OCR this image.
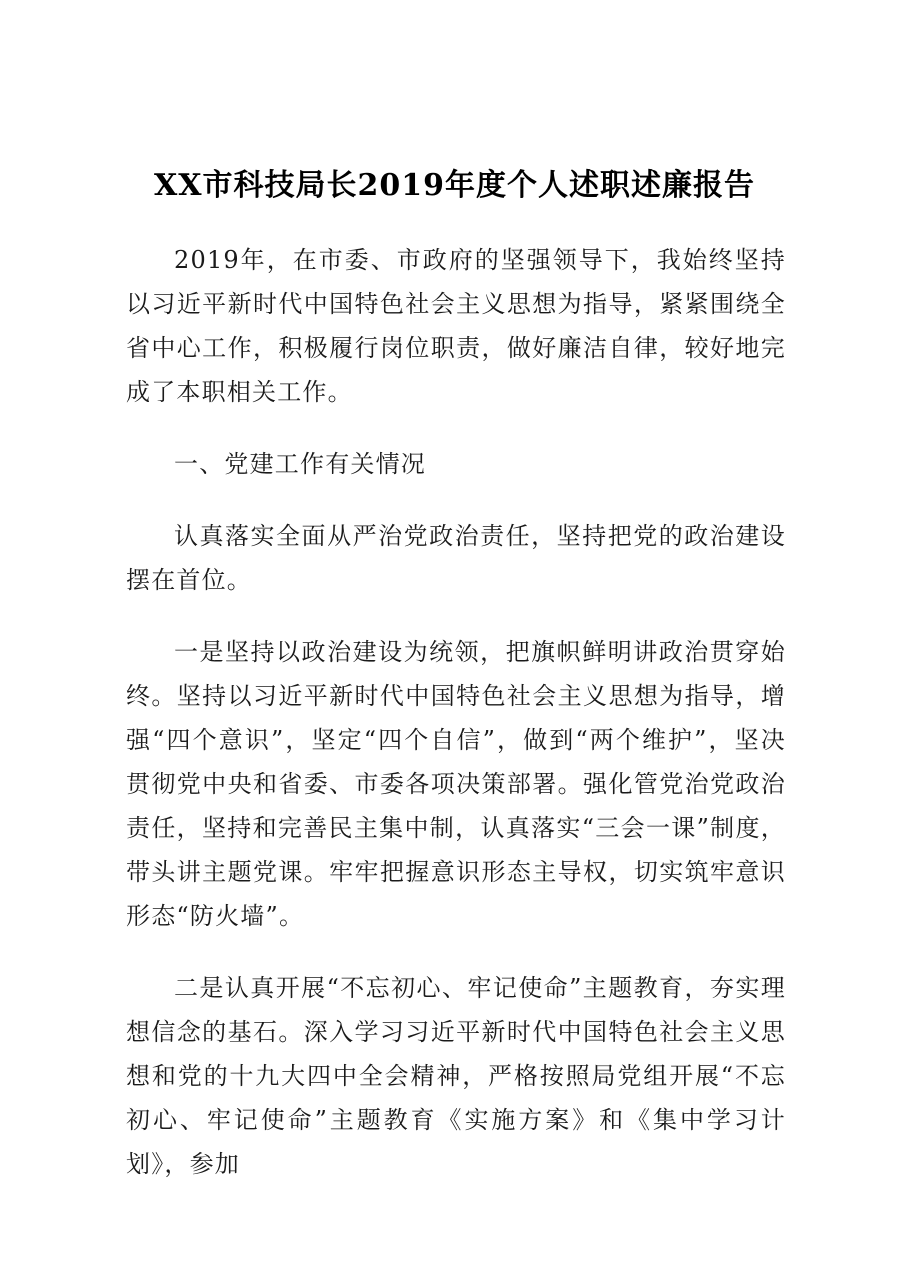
XX市科技局长2019年度个人述职述廉报告

2019年，在市委、市政府的坚强领导下，我始终坚持以习近平新时代中国特色社会主义思想为指导，紧紧围绕全省中心工作，积极履行岗位职责，做好廉洁自律，较好地完成了本职相关工作。

一、党建工作有关情况

认真落实全面从严治党政治责任，坚持把党的政治建设摆在首位。

一是坚持以政治建设为统领，把旗帜鲜明讲政治贯穿始终。坚持以习近平新时代中国特色社会主义思想为指导，增强“四个意识”，坚定“四个自信”，做到“两个维护”，坚决贯彻党中央和省委、市委各项决策部署。强化管党治党政治责任，坚持和完善民主集中制，认真落实“三会一课”制度，带头讲主题党课。牢牢把握意识形态主导权，切实筑牢意识形态“防火墙”。

二是认真开展“不忘初心、牢记使命”主题教育，夯实理想信念的基石。深入学习习近平新时代中国特色社会主义思想和党的十九大四中全会精神，严格按照局党组开展“不忘初心、牢记使命”主题教育《实施方案》和《集中学习计划》，参加
